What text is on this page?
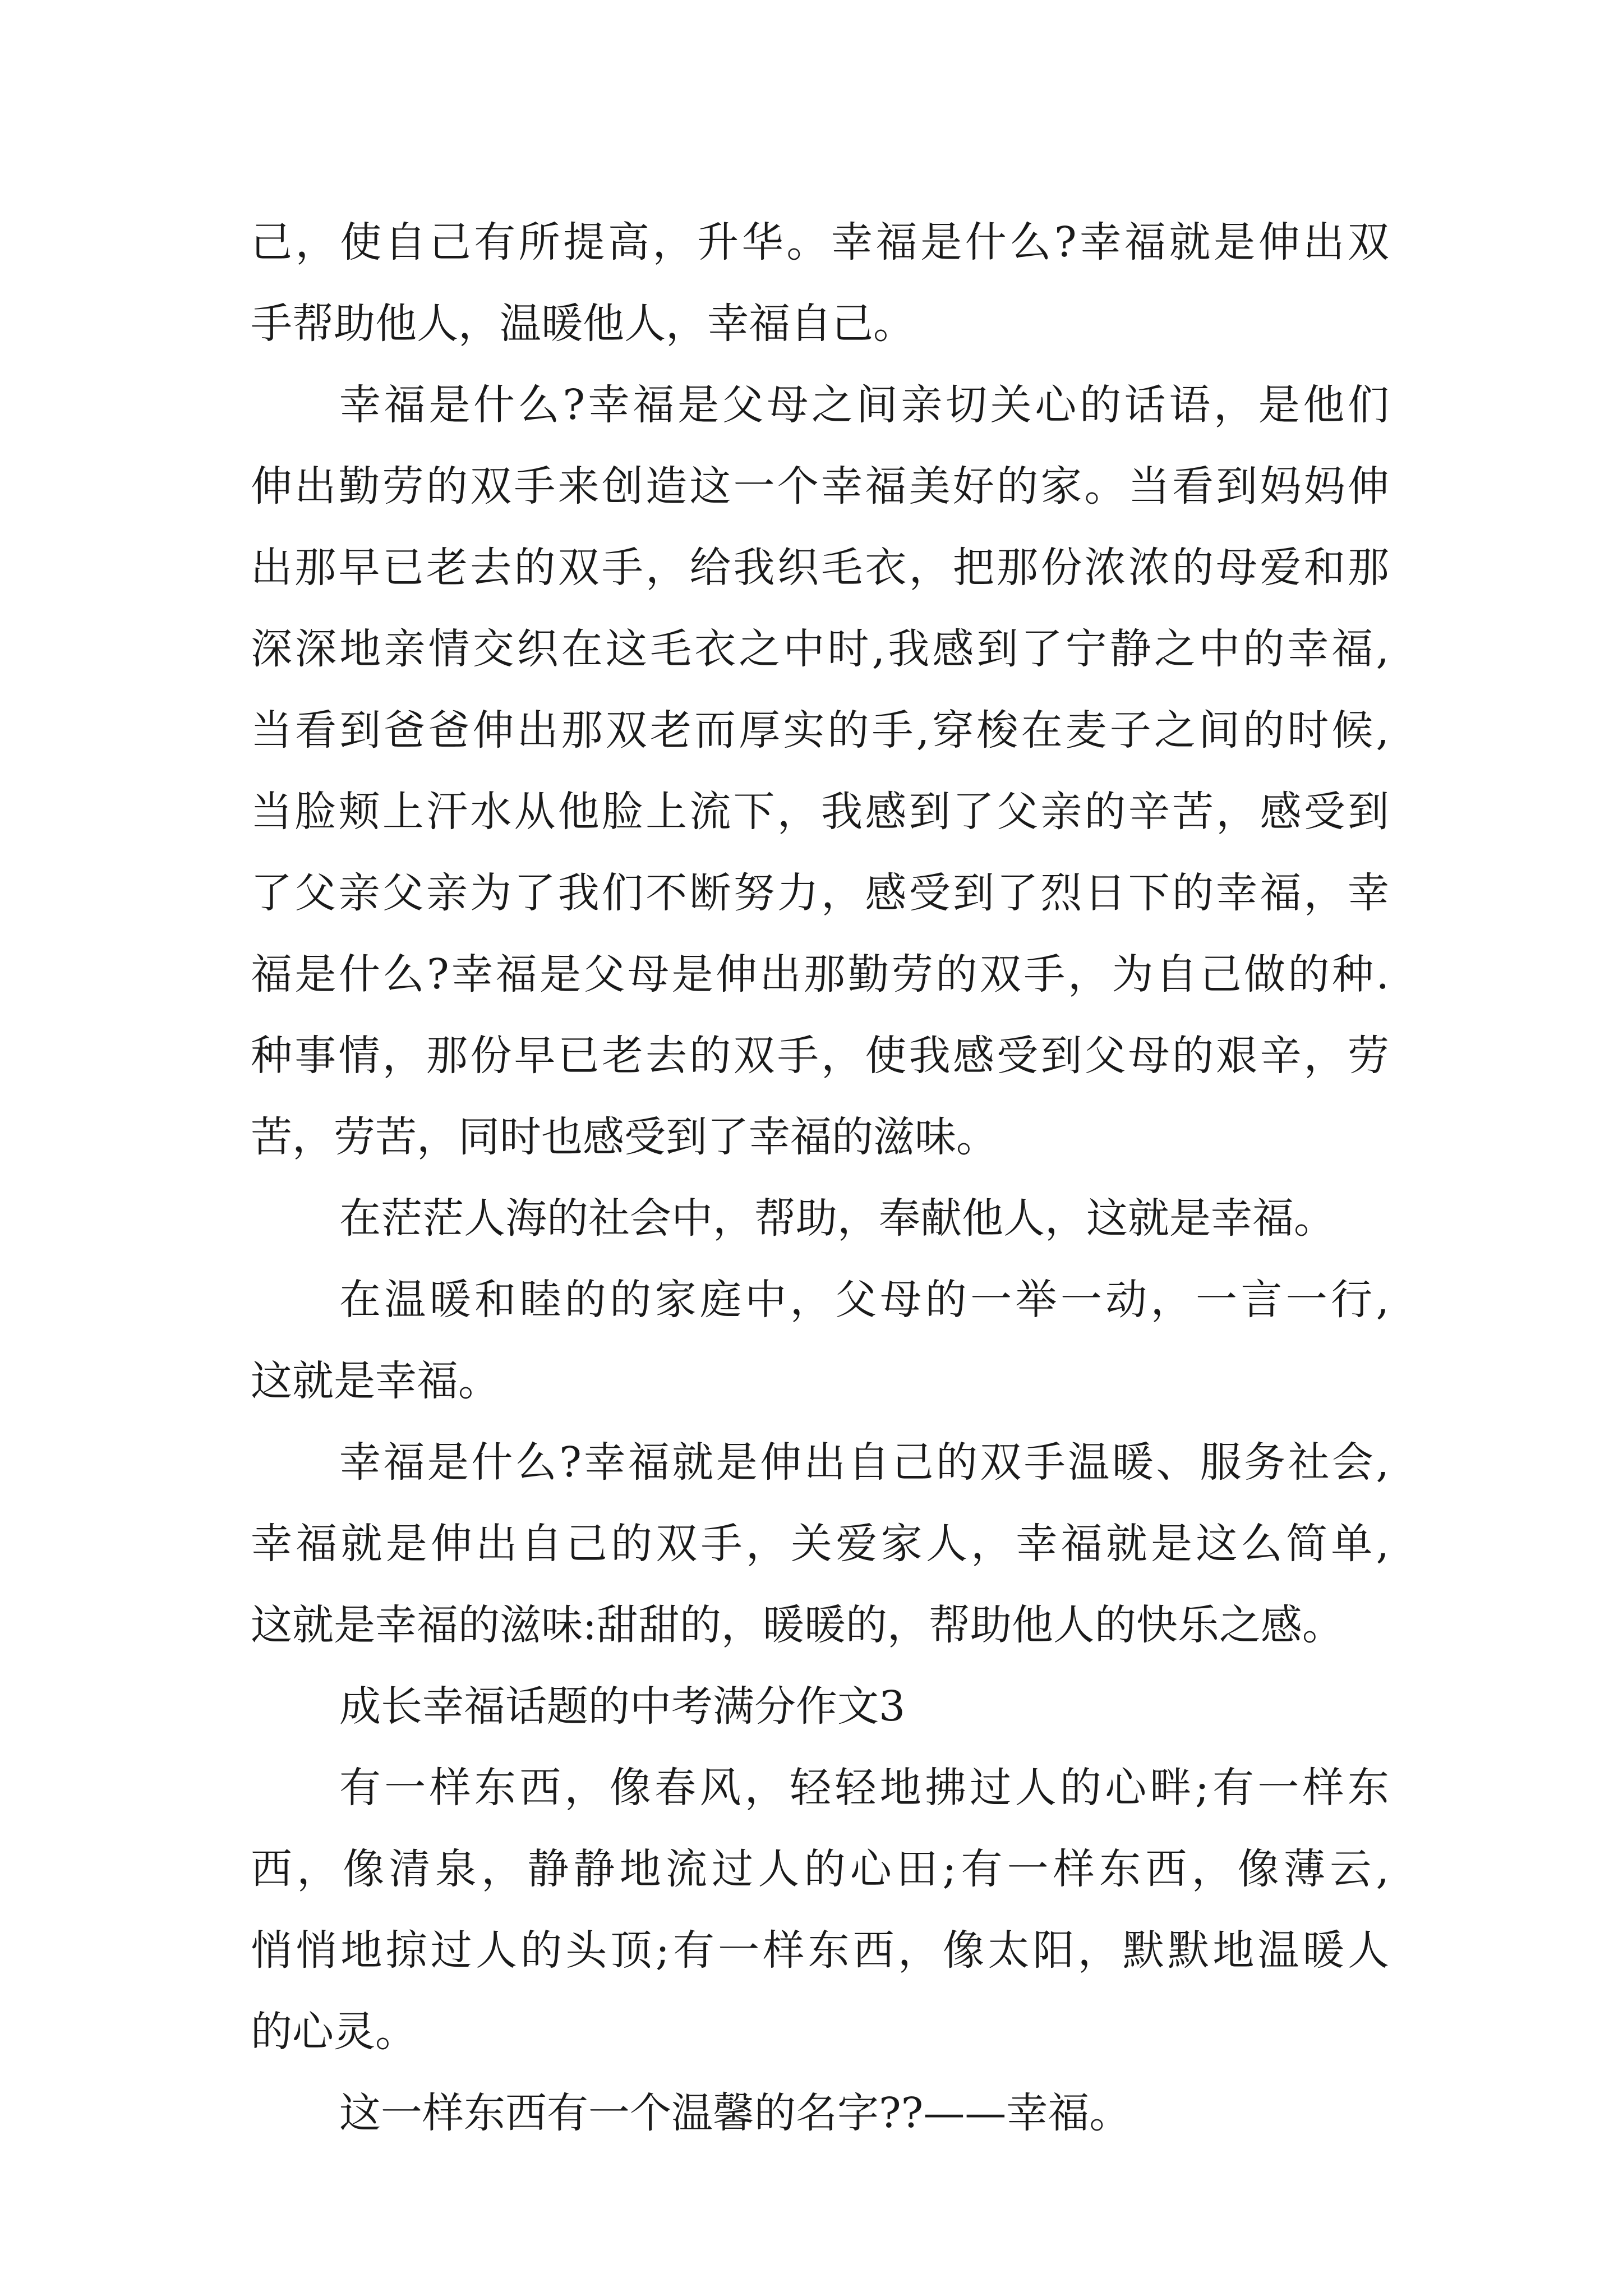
己，使自己有所提高，升华。幸福是什么?幸福就是伸出双
手帮助他人，温暖他人，幸福自己。
幸福是什么?幸福是父母之间亲切关心的话语，是他们
伸出勤劳的双手来创造这一个幸福美好的家。当看到妈妈伸
出那早已老去的双手，给我织毛衣，把那份浓浓的母爱和那
深深地亲情交织在这毛衣之中时,我感到了宁静之中的幸福,
当看到爸爸伸出那双老而厚实的手,穿梭在麦子之间的时候,
当脸颊上汗水从他脸上流下，我感到了父亲的辛苦，感受到
了父亲父亲为了我们不断努力，感受到了烈日下的幸福，幸
福是什么?幸福是父母是伸出那勤劳的双手，为自己做的种.
种事情，那份早已老去的双手，使我感受到父母的艰辛，劳
苦，劳苦，同时也感受到了幸福的滋味。
在茫茫人海的社会中，帮助，奉献他人，这就是幸福。
在温暖和睦的的家庭中，父母的一举一动，一言一行,
这就是幸福。
幸福是什么?幸福就是伸出自己的双手温暖、服务社会,
幸福就是伸出自己的双手，关爱家人，幸福就是这么简单,
这就是幸福的滋味:甜甜的，暖暖的，帮助他人的快乐之感。
成长幸福话题的中考满分作文3
有一样东西，像春风，轻轻地拂过人的心畔;有一样东
西，像清泉，静静地流过人的心田;有一样东西，像薄云,
悄悄地掠过人的头顶;有一样东西，像太阳，默默地温暖人
的心灵。
这一样东西有一个温馨的名字??——幸福。
